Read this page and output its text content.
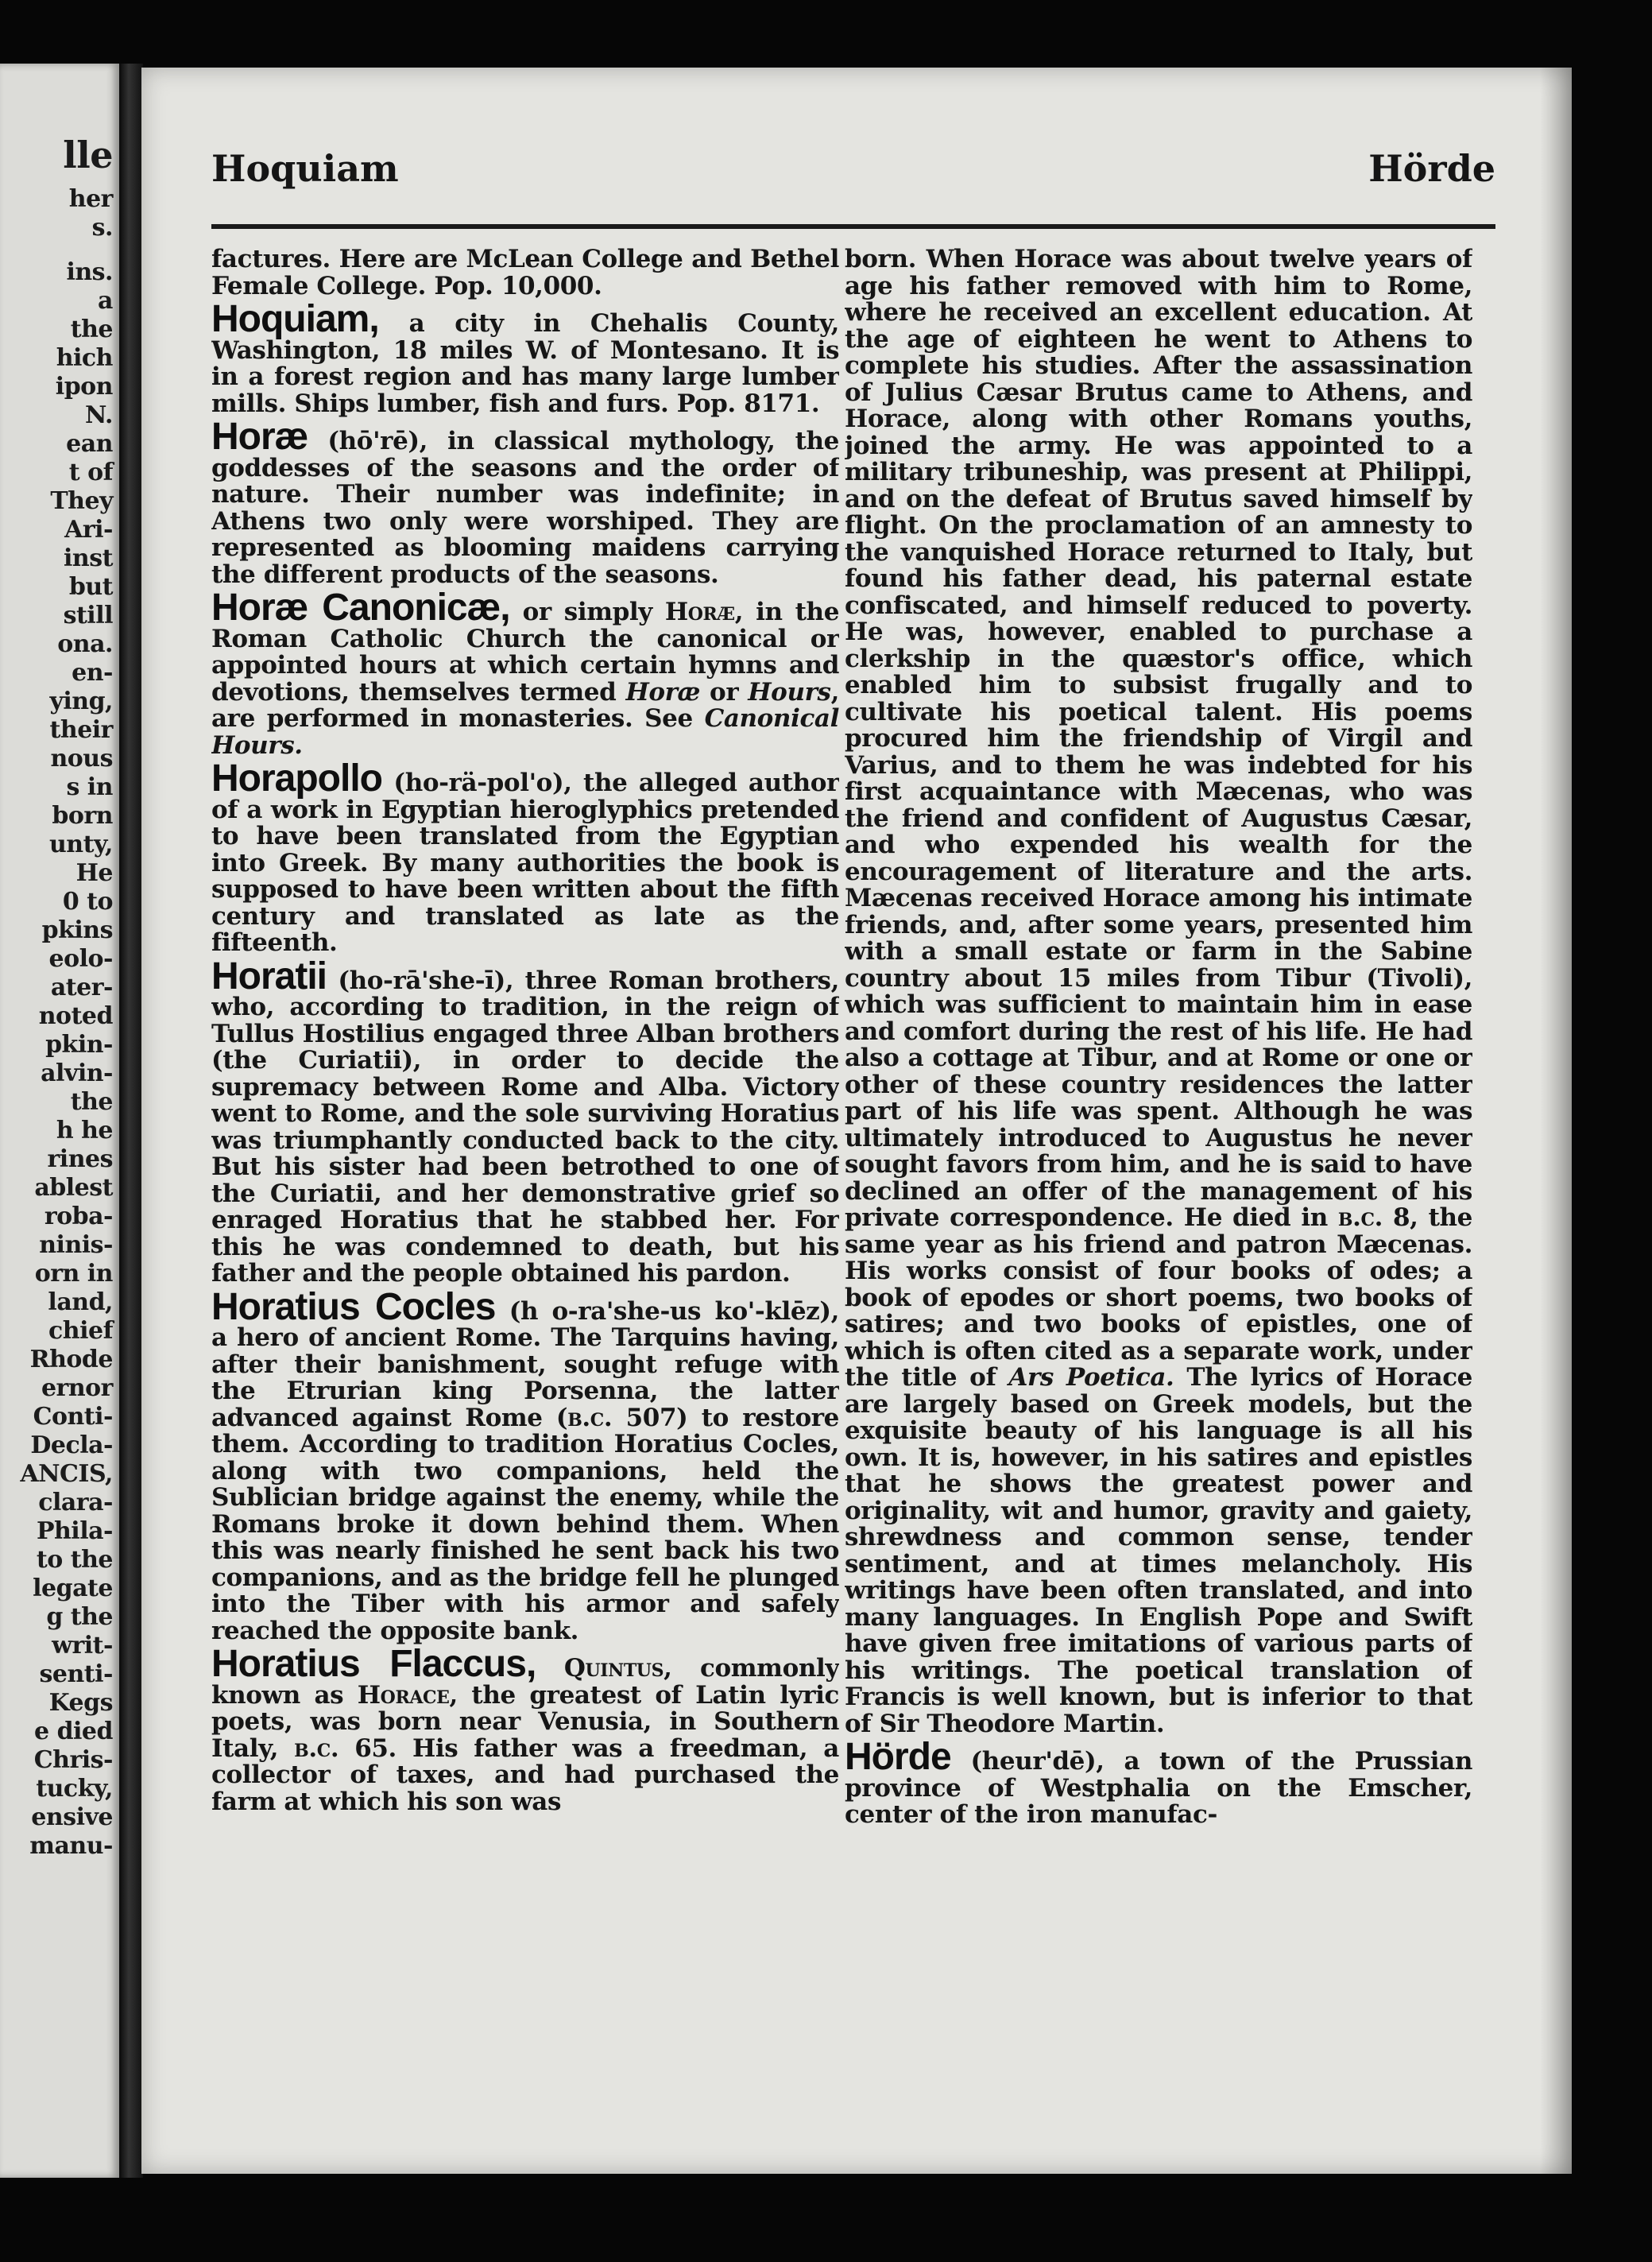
lle
her
s.
ins.
a
the
hich
ipon
N.
ean
t of
They
Ari-
inst
but
still
ona.
en-
ying,
their
nous
s in
born
unty,
He
0 to
pkins
eolo-
ater-
noted
pkin-
alvin-
the
h he
rines
ablest
roba-
ninis-
orn in
land,
chief
Rhode
ernor
Conti-
Decla-
ANCIS,
clara-
Phila-
to the
legate
g the
writ-
senti-
Kegs
e died
Chris-
tucky,
ensive
manu-
Hoquiam	Hörde

factures. Here are McLean College and Bethel Female College. Pop. 10,000.

Hoquiam, a city in Chehalis County, Washington, 18 miles W. of Montesano. It is in a forest region and has many large lumber mills. Ships lumber, fish and furs. Pop. 8171.

Horæ (hō'rē), in classical mythology, the goddesses of the seasons and the order of nature. Their number was indefinite; in Athens two only were worshiped. They are represented as blooming maidens carrying the different products of the seasons.

Horæ Canonicæ, or simply Horæ, in the Roman Catholic Church the canonical or appointed hours at which certain hymns and devotions, themselves termed Horæ or Hours, are performed in monasteries. See Canonical Hours.

Horapollo (ho-rä-pol'o), the alleged author of a work in Egyptian hieroglyphics pretended to have been translated from the Egyptian into Greek. By many authorities the book is supposed to have been written about the fifth century and translated as late as the fifteenth.

Horatii (ho-rā'she-ī), three Roman brothers, who, according to tradition, in the reign of Tullus Hostilius engaged three Alban brothers (the Curiatii), in order to decide the supremacy between Rome and Alba. Victory went to Rome, and the sole surviving Horatius was triumphantly conducted back to the city. But his sister had been betrothed to one of the Curiatii, and her demonstrative grief so enraged Horatius that he stabbed her. For this he was condemned to death, but his father and the people obtained his pardon.

Horatius Cocles (h o-ra'she-us ko'-klēz), a hero of ancient Rome. The Tarquins having, after their banishment, sought refuge with the Etrurian king Porsenna, the latter advanced against Rome (b.c. 507) to restore them. According to tradition Horatius Cocles, along with two companions, held the Sublician bridge against the enemy, while the Romans broke it down behind them. When this was nearly finished he sent back his two companions, and as the bridge fell he plunged into the Tiber with his armor and safely reached the opposite bank.

Horatius Flaccus, Quintus, commonly known as Horace, the greatest of Latin lyric poets, was born near Venusia, in Southern Italy, b.c. 65. His father was a freedman, a collector of taxes, and had purchased the farm at which his son was

born. When Horace was about twelve years of age his father removed with him to Rome, where he received an excellent education. At the age of eighteen he went to Athens to complete his studies. After the assassination of Julius Cæsar Brutus came to Athens, and Horace, along with other Romans youths, joined the army. He was appointed to a military tribuneship, was present at Philippi, and on the defeat of Brutus saved himself by flight. On the proclamation of an amnesty to the vanquished Horace returned to Italy, but found his father dead, his paternal estate confiscated, and himself reduced to poverty. He was, however, enabled to purchase a clerkship in the quæstor's office, which enabled him to subsist frugally and to cultivate his poetical talent. His poems procured him the friendship of Virgil and Varius, and to them he was indebted for his first acquaintance with Mæcenas, who was the friend and confident of Augustus Cæsar, and who expended his wealth for the encouragement of literature and the arts. Mæcenas received Horace among his intimate friends, and, after some years, presented him with a small estate or farm in the Sabine country about 15 miles from Tibur (Tivoli), which was sufficient to maintain him in ease and comfort during the rest of his life. He had also a cottage at Tibur, and at Rome or one or other of these country residences the latter part of his life was spent. Although he was ultimately introduced to Augustus he never sought favors from him, and he is said to have declined an offer of the management of his private correspondence. He died in b.c. 8, the same year as his friend and patron Mæcenas. His works consist of four books of odes; a book of epodes or short poems, two books of satires; and two books of epistles, one of which is often cited as a separate work, under the title of Ars Poetica. The lyrics of Horace are largely based on Greek models, but the exquisite beauty of his language is all his own. It is, however, in his satires and epistles that he shows the greatest power and originality, wit and humor, gravity and gaiety, shrewdness and common sense, tender sentiment, and at times melancholy. His writings have been often translated, and into many languages. In English Pope and Swift have given free imitations of various parts of his writings. The poetical translation of Francis is well known, but is inferior to that of Sir Theodore Martin.

Hörde (heur'dē), a town of the Prussian province of Westphalia on the Emscher, center of the iron manufac-
